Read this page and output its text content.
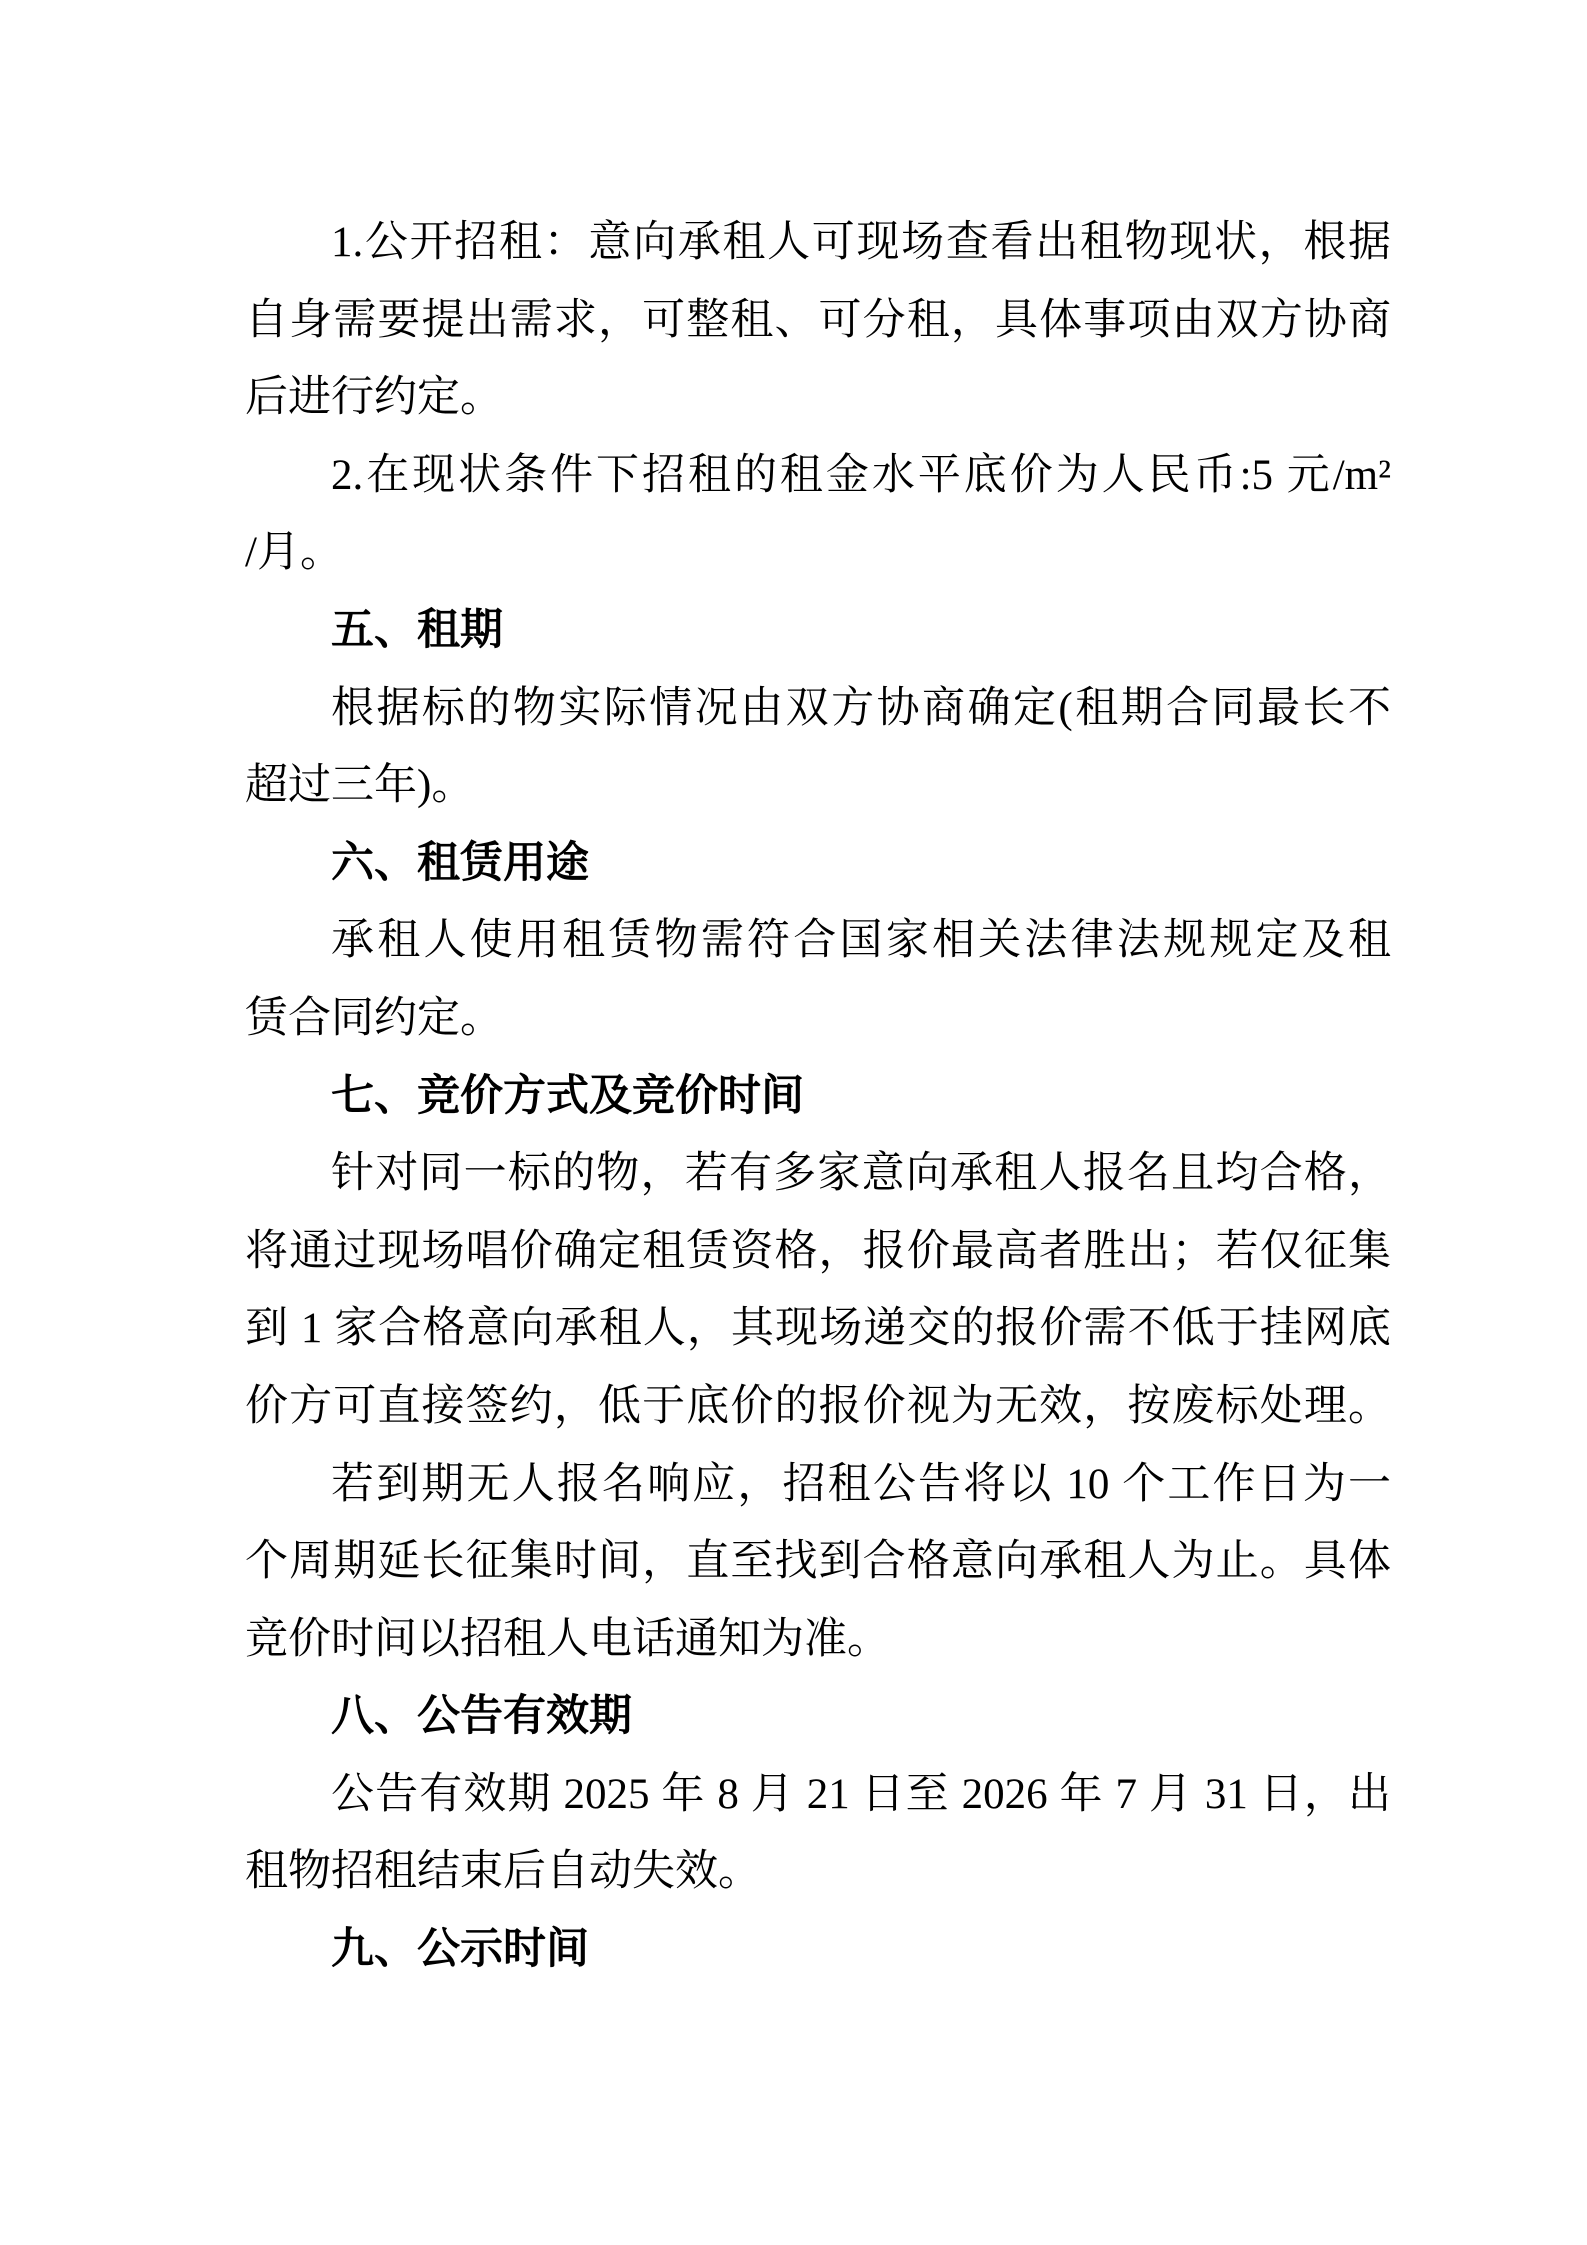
1.公开招租：意向承租人可现场查看出租物现状，根据
自身需要提出需求，可整租、可分租，具体事项由双方协商
后进行约定。
2.在现状条件下招租的租金水平底价为人民币:5 元/m²
/月。
五、租期
根据标的物实际情况由双方协商确定(租期合同最长不
超过三年)。
六、租赁用途
承租人使用租赁物需符合国家相关法律法规规定及租
赁合同约定。
七、竞价方式及竞价时间
针对同一标的物，若有多家意向承租人报名且均合格，
将通过现场唱价确定租赁资格，报价最高者胜出；若仅征集
到 1 家合格意向承租人，其现场递交的报价需不低于挂网底
价方可直接签约，低于底价的报价视为无效，按废标处理。
若到期无人报名响应，招租公告将以 10 个工作日为一
个周期延长征集时间，直至找到合格意向承租人为止。具体
竞价时间以招租人电话通知为准。
八、公告有效期
公告有效期 2025 年 8 月 21 日至 2026 年 7 月 31 日，出
租物招租结束后自动失效。
九、公示时间
